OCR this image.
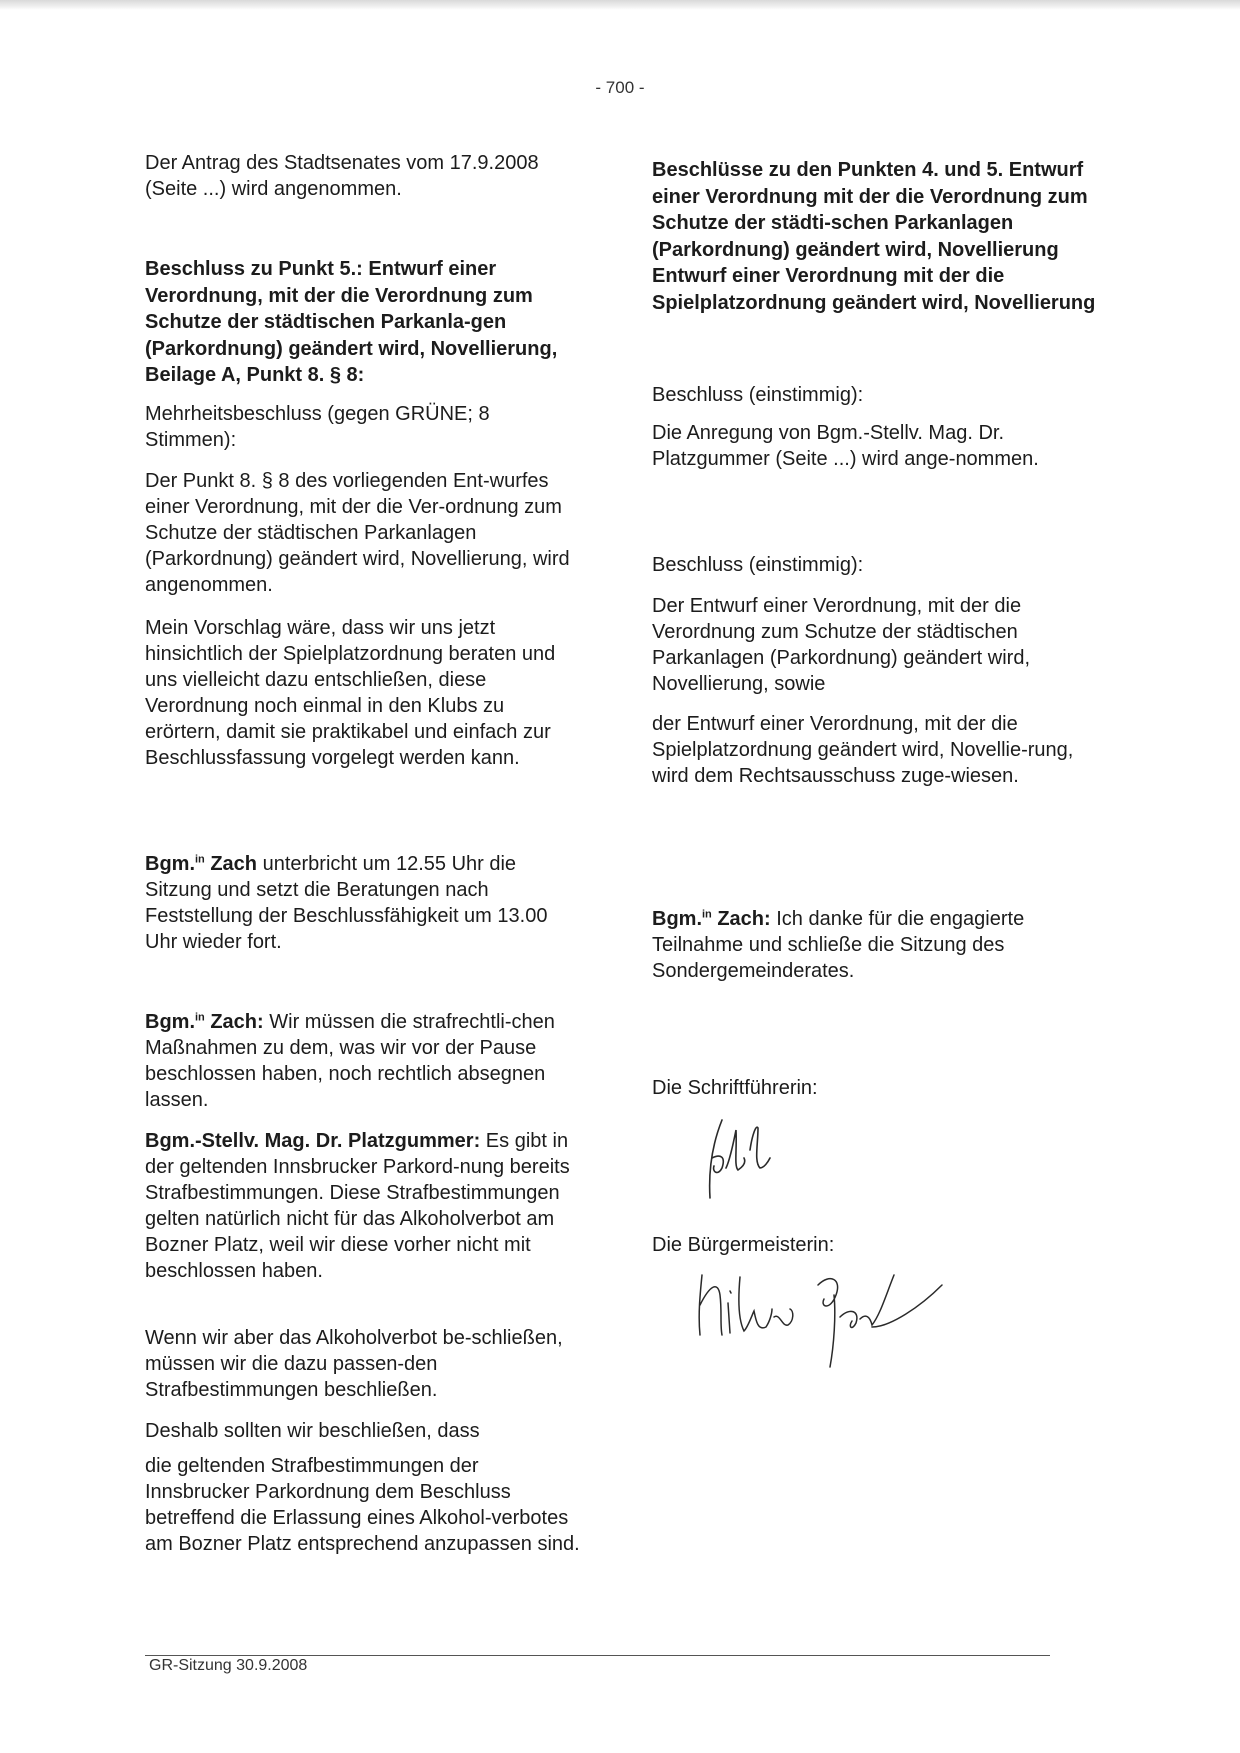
- 700 -

Der Antrag des Stadtsenates vom 17.9.2008 (Seite ...) wird angenommen.

Beschluss zu Punkt 5.: Entwurf einer Verordnung, mit der die Verordnung zum Schutze der städtischen Parkanla-gen (Parkordnung) geändert wird, Novellierung, Beilage A, Punkt 8. § 8:

Mehrheitsbeschluss (gegen GRÜNE; 8 Stimmen):

Der Punkt 8. § 8 des vorliegenden Ent-wurfes einer Verordnung, mit der die Ver-ordnung zum Schutze der städtischen Parkanlagen (Parkordnung) geändert wird, Novellierung, wird angenommen.

Mein Vorschlag wäre, dass wir uns jetzt hinsichtlich der Spielplatzordnung beraten und uns vielleicht dazu entschließen, diese Verordnung noch einmal in den Klubs zu erörtern, damit sie praktikabel und einfach zur Beschlussfassung vorgelegt werden kann.

Bgm.$^{in}$ Zach unterbricht um 12.55 Uhr die Sitzung und setzt die Beratungen nach Feststellung der Beschlussfähigkeit um 13.00 Uhr wieder fort.

Bgm.$^{in}$ Zach: Wir müssen die strafrechtli-chen Maßnahmen zu dem, was wir vor der Pause beschlossen haben, noch rechtlich absegnen lassen.

Bgm.-Stellv. Mag. Dr. Platzgummer: Es gibt in der geltenden Innsbrucker Parkord-nung bereits Strafbestimmungen. Diese Strafbestimmungen gelten natürlich nicht für das Alkoholverbot am Bozner Platz, weil wir diese vorher nicht mit beschlossen haben.

Wenn wir aber das Alkoholverbot be-schließen, müssen wir die dazu passen-den Strafbestimmungen beschließen.

Deshalb sollten wir beschließen, dass

die geltenden Strafbestimmungen der Innsbrucker Parkordnung dem Beschluss betreffend die Erlassung eines Alkohol-verbotes am Bozner Platz entsprechend anzupassen sind.

Beschlüsse zu den Punkten 4. und 5. Entwurf einer Verordnung mit der die Verordnung zum Schutze der städti-schen Parkanlagen (Parkordnung) geändert wird, Novellierung Entwurf einer Verordnung mit der die Spielplatzordnung geändert wird, Novellierung

Beschluss (einstimmig):

Die Anregung von Bgm.-Stellv. Mag. Dr. Platzgummer (Seite ...) wird ange-nommen.

Beschluss (einstimmig):

Der Entwurf einer Verordnung, mit der die Verordnung zum Schutze der städtischen Parkanlagen (Parkordnung) geändert wird, Novellierung, sowie

der Entwurf einer Verordnung, mit der die Spielplatzordnung geändert wird, Novellie-rung, wird dem Rechtsausschuss zuge-wiesen.

Bgm.$^{in}$ Zach: Ich danke für die engagierte Teilnahme und schließe die Sitzung des Sondergemeinderates.

Die Schriftführerin:

Die Bürgermeisterin:

GR-Sitzung 30.9.2008
